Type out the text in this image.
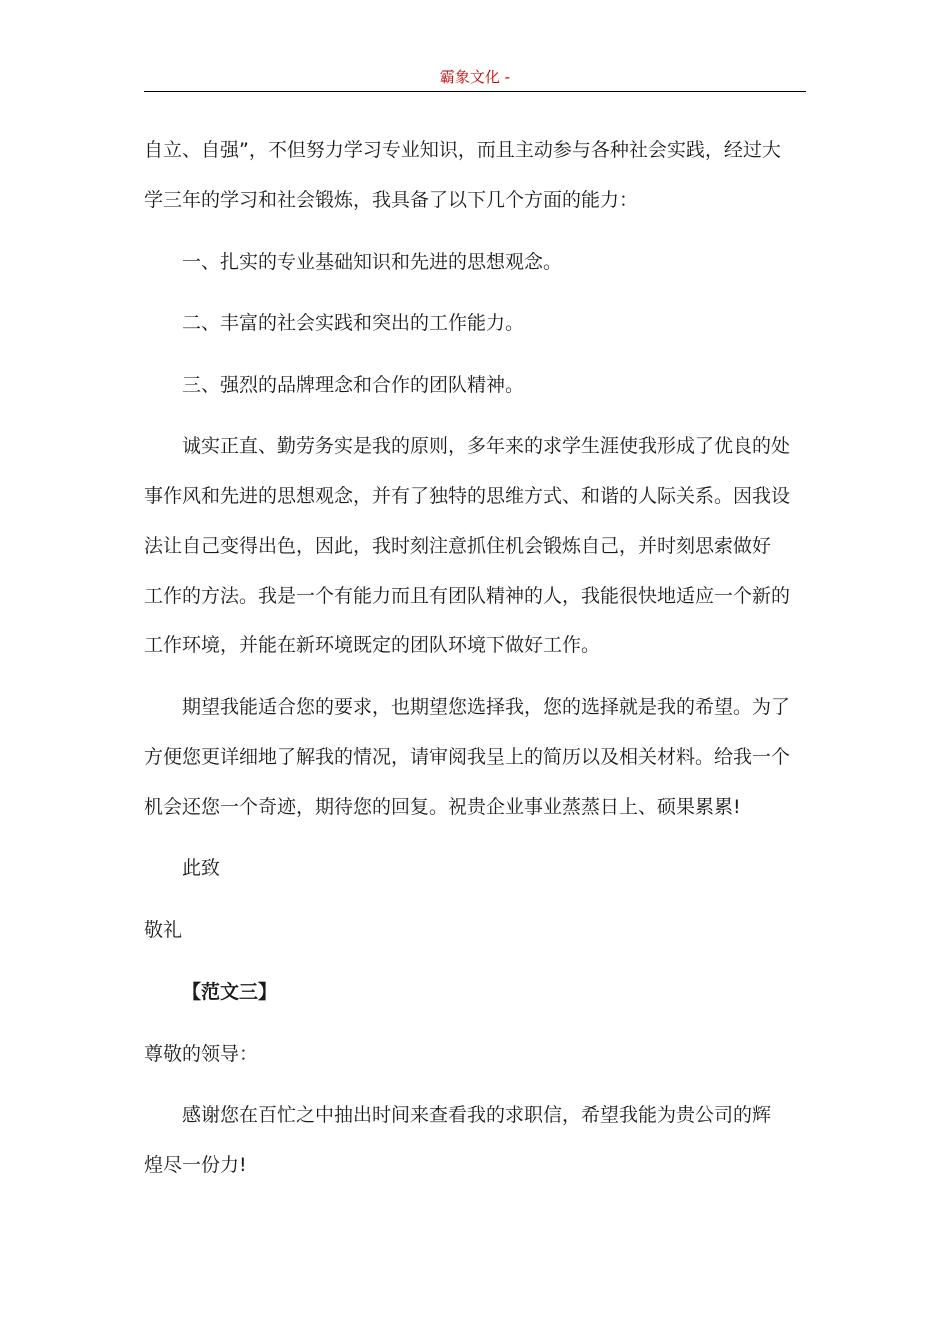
霸象文化 -
自立、自强”，不但努力学习专业知识，而且主动参与各种社会实践，经过大
学三年的学习和社会锻炼，我具备了以下几个方面的能力：
一、扎实的专业基础知识和先进的思想观念。
二、丰富的社会实践和突出的工作能力。
三、强烈的品牌理念和合作的团队精神。
诚实正直、勤劳务实是我的原则，多年来的求学生涯使我形成了优良的处
事作风和先进的思想观念，并有了独特的思维方式、和谐的人际关系。因我设
法让自己变得出色，因此，我时刻注意抓住机会锻炼自己，并时刻思索做好
工作的方法。我是一个有能力而且有团队精神的人，我能很快地适应一个新的
工作环境，并能在新环境既定的团队环境下做好工作。
期望我能适合您的要求，也期望您选择我，您的选择就是我的希望。为了
方便您更详细地了解我的情况，请审阅我呈上的简历以及相关材料。给我一个
机会还您一个奇迹，期待您的回复。祝贵企业事业蒸蒸日上、硕果累累!
此致
敬礼
【范文三】
尊敬的领导：
感谢您在百忙之中抽出时间来查看我的求职信，希望我能为贵公司的辉
煌尽一份力!
